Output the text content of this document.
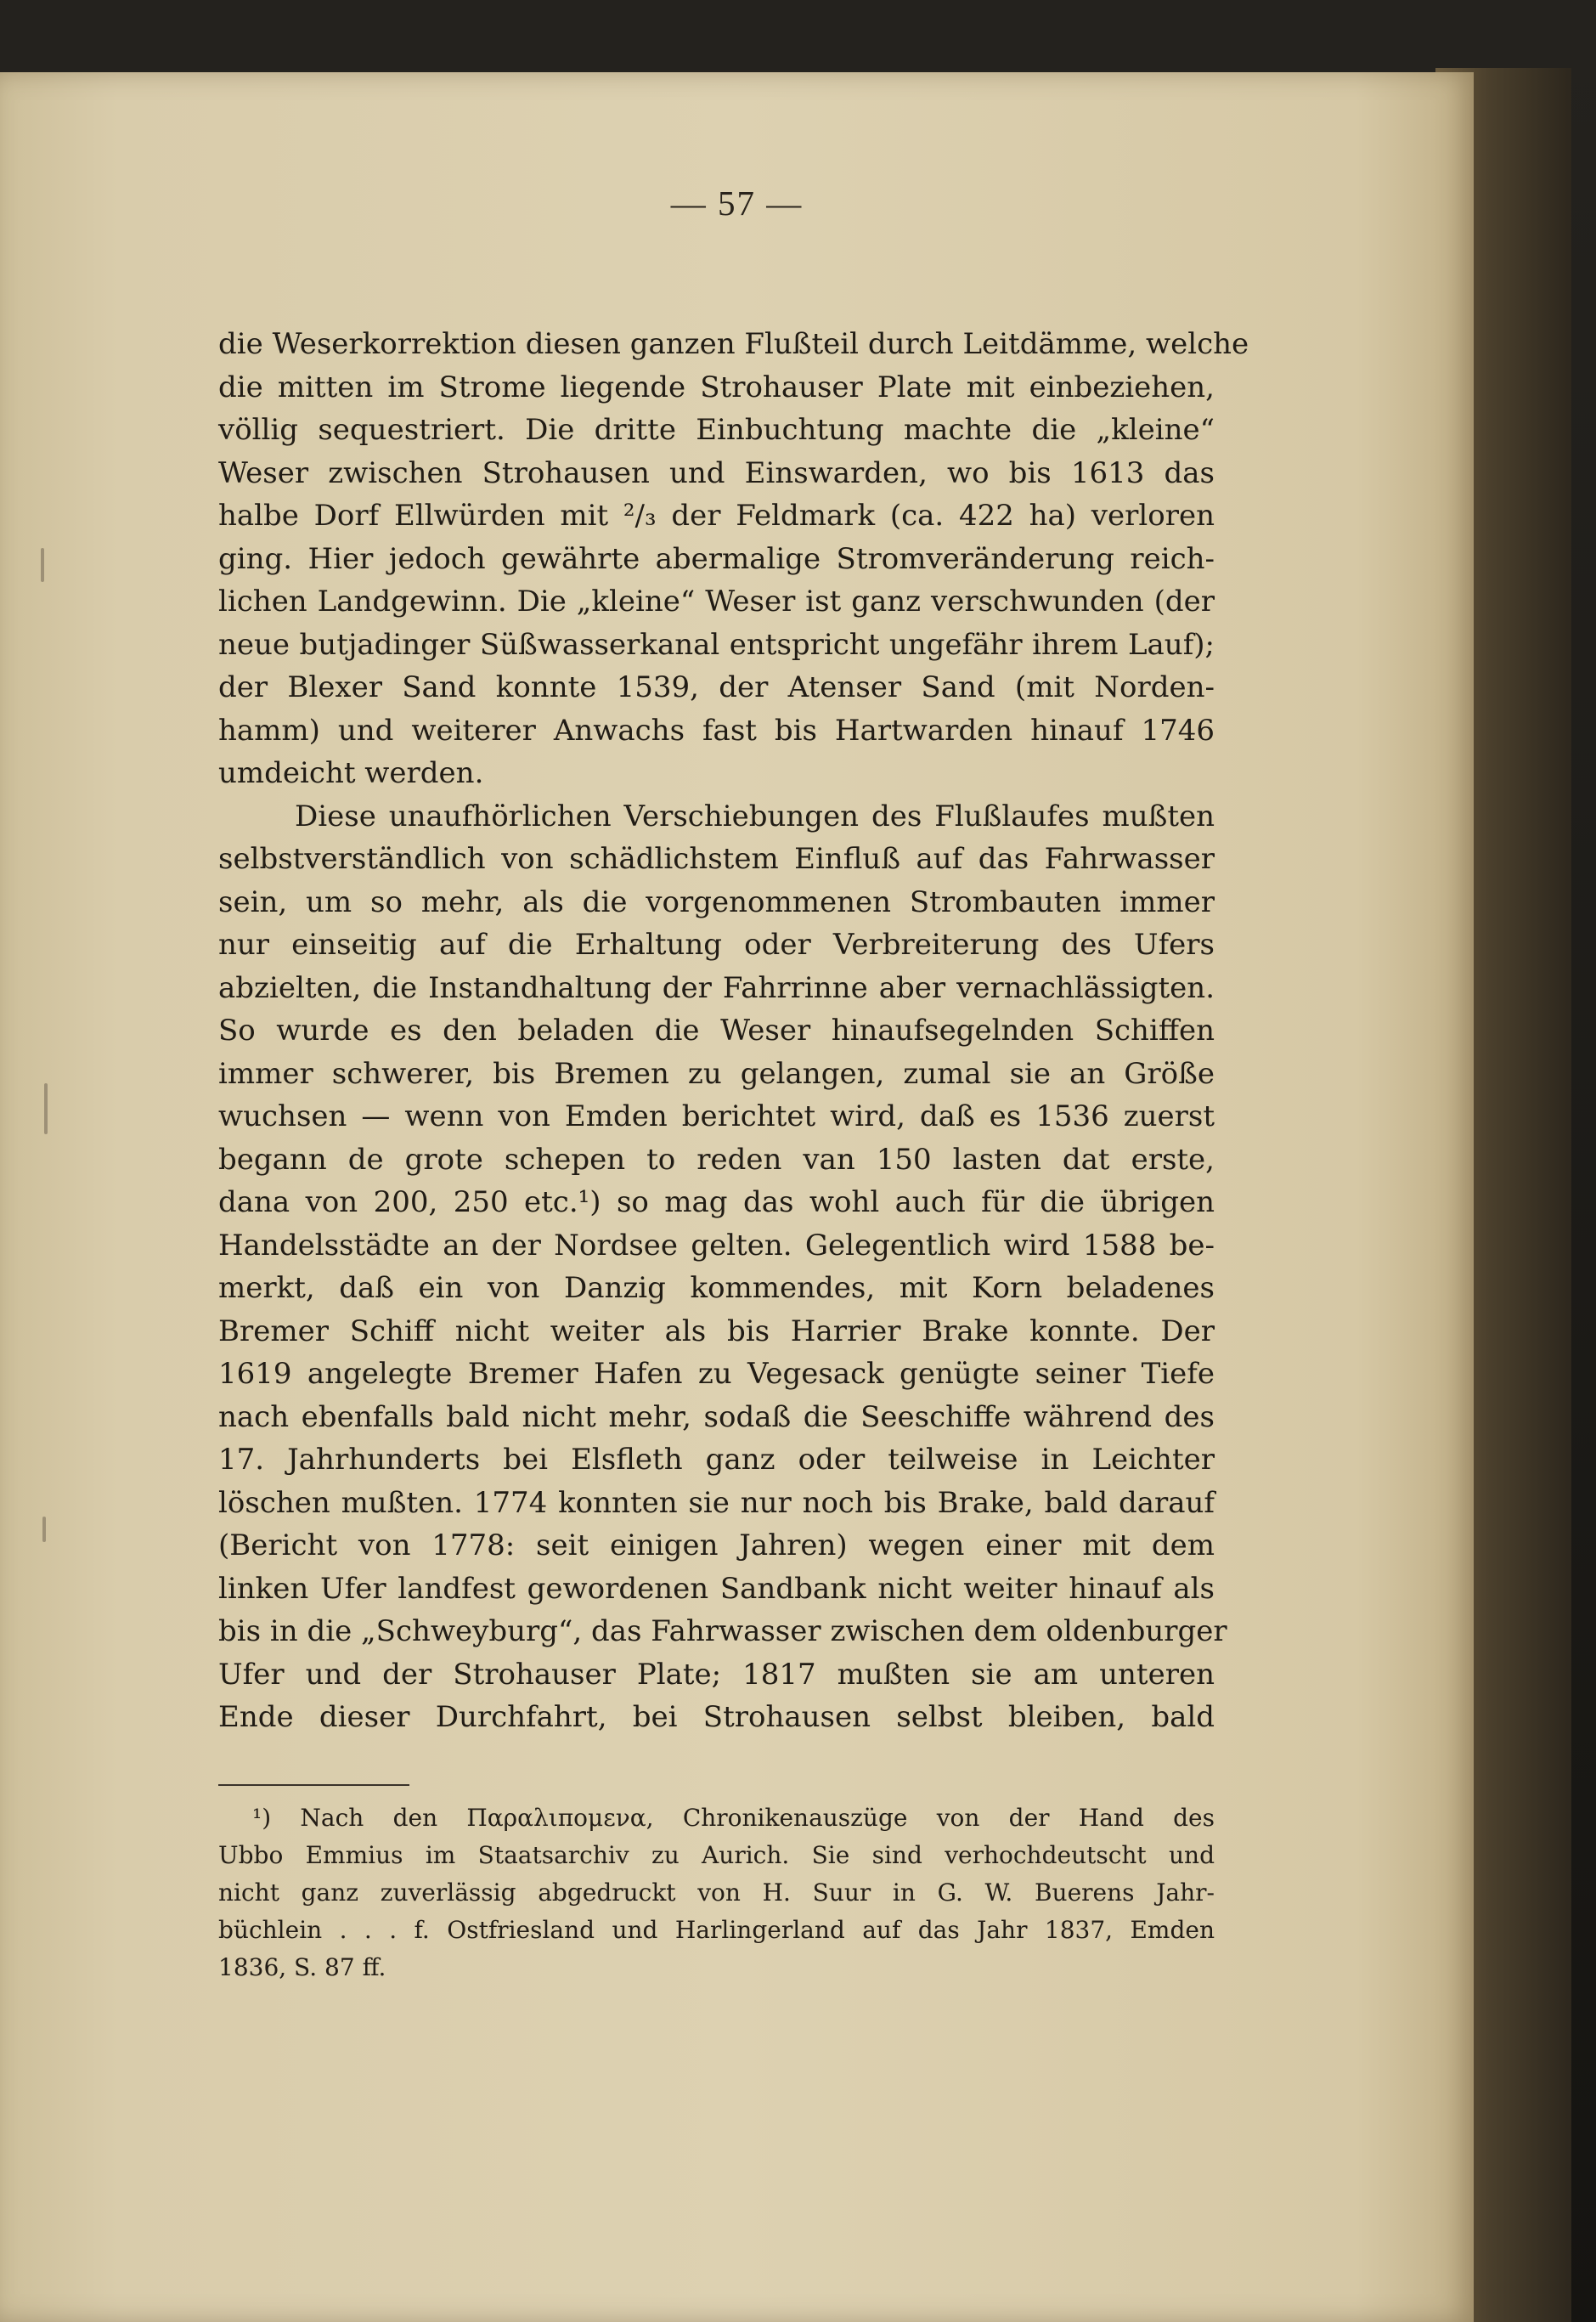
— 57 —

die Weserkorrektion diesen ganzen Flußteil durch Leitdämme, welche
die mitten im Strome liegende Strohauser Plate mit einbeziehen,
völlig sequestriert. Die dritte Einbuchtung machte die „kleine“
Weser zwischen Strohausen und Einswarden, wo bis 1613 das
halbe Dorf Ellwürden mit ²/₃ der Feldmark (ca. 422 ha) verloren
ging. Hier jedoch gewährte abermalige Stromveränderung reich-
lichen Landgewinn. Die „kleine“ Weser ist ganz verschwunden (der
neue butjadinger Süßwasserkanal entspricht ungefähr ihrem Lauf);
der Blexer Sand konnte 1539, der Atenser Sand (mit Norden-
hamm) und weiterer Anwachs fast bis Hartwarden hinauf 1746
umdeicht werden.
Diese unaufhörlichen Verschiebungen des Flußlaufes mußten
selbstverständlich von schädlichstem Einfluß auf das Fahrwasser
sein, um so mehr, als die vorgenommenen Strombauten immer
nur einseitig auf die Erhaltung oder Verbreiterung des Ufers
abzielten, die Instandhaltung der Fahrrinne aber vernachlässigten.
So wurde es den beladen die Weser hinaufsegelnden Schiffen
immer schwerer, bis Bremen zu gelangen, zumal sie an Größe
wuchsen — wenn von Emden berichtet wird, daß es 1536 zuerst
begann de grote schepen to reden van 150 lasten dat erste,
dana von 200, 250 etc.¹) so mag das wohl auch für die übrigen
Handelsstädte an der Nordsee gelten. Gelegentlich wird 1588 be-
merkt, daß ein von Danzig kommendes, mit Korn beladenes
Bremer Schiff nicht weiter als bis Harrier Brake konnte. Der
1619 angelegte Bremer Hafen zu Vegesack genügte seiner Tiefe
nach ebenfalls bald nicht mehr, sodaß die Seeschiffe während des
17. Jahrhunderts bei Elsfleth ganz oder teilweise in Leichter
löschen mußten. 1774 konnten sie nur noch bis Brake, bald darauf
(Bericht von 1778: seit einigen Jahren) wegen einer mit dem
linken Ufer landfest gewordenen Sandbank nicht weiter hinauf als
bis in die „Schweyburg“, das Fahrwasser zwischen dem oldenburger
Ufer und der Strohauser Plate; 1817 mußten sie am unteren
Ende dieser Durchfahrt, bei Strohausen selbst bleiben, bald
¹) Nach den Παραλιπομενα, Chronikenauszüge von der Hand des
Ubbo Emmius im Staatsarchiv zu Aurich. Sie sind verhochdeutscht und
nicht ganz zuverlässig abgedruckt von H. Suur in G. W. Buerens Jahr-
büchlein . . . f. Ostfriesland und Harlingerland auf das Jahr 1837, Emden
1836, S. 87 ff.
